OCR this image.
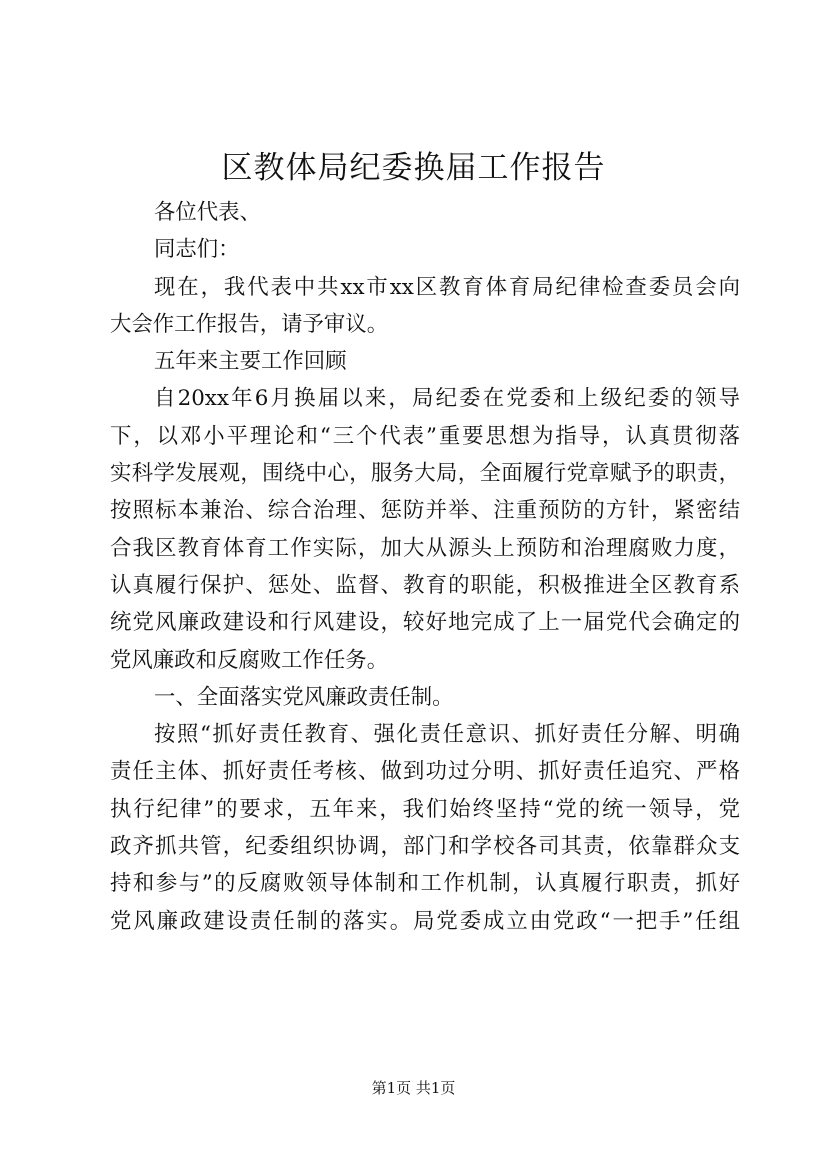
区教体局纪委换届工作报告
各位代表、
同志们：
现在，我代表中共xx市xx区教育体育局纪律检查委员会向
大会作工作报告，请予审议。
五年来主要工作回顾
自20xx年6月换届以来，局纪委在党委和上级纪委的领导
下，以邓小平理论和“三个代表”重要思想为指导，认真贯彻落
实科学发展观，围绕中心，服务大局，全面履行党章赋予的职责，
按照标本兼治、综合治理、惩防并举、注重预防的方针，紧密结
合我区教育体育工作实际，加大从源头上预防和治理腐败力度，
认真履行保护、惩处、监督、教育的职能，积极推进全区教育系
统党风廉政建设和行风建设，较好地完成了上一届党代会确定的
党风廉政和反腐败工作任务。
一、全面落实党风廉政责任制。
按照“抓好责任教育、强化责任意识、抓好责任分解、明确
责任主体、抓好责任考核、做到功过分明、抓好责任追究、严格
执行纪律”的要求，五年来，我们始终坚持“党的统一领导，党
政齐抓共管，纪委组织协调，部门和学校各司其责，依靠群众支
持和参与”的反腐败领导体制和工作机制，认真履行职责，抓好
党风廉政建设责任制的落实。局党委成立由党政“一把手”任组
第1页 共1页
